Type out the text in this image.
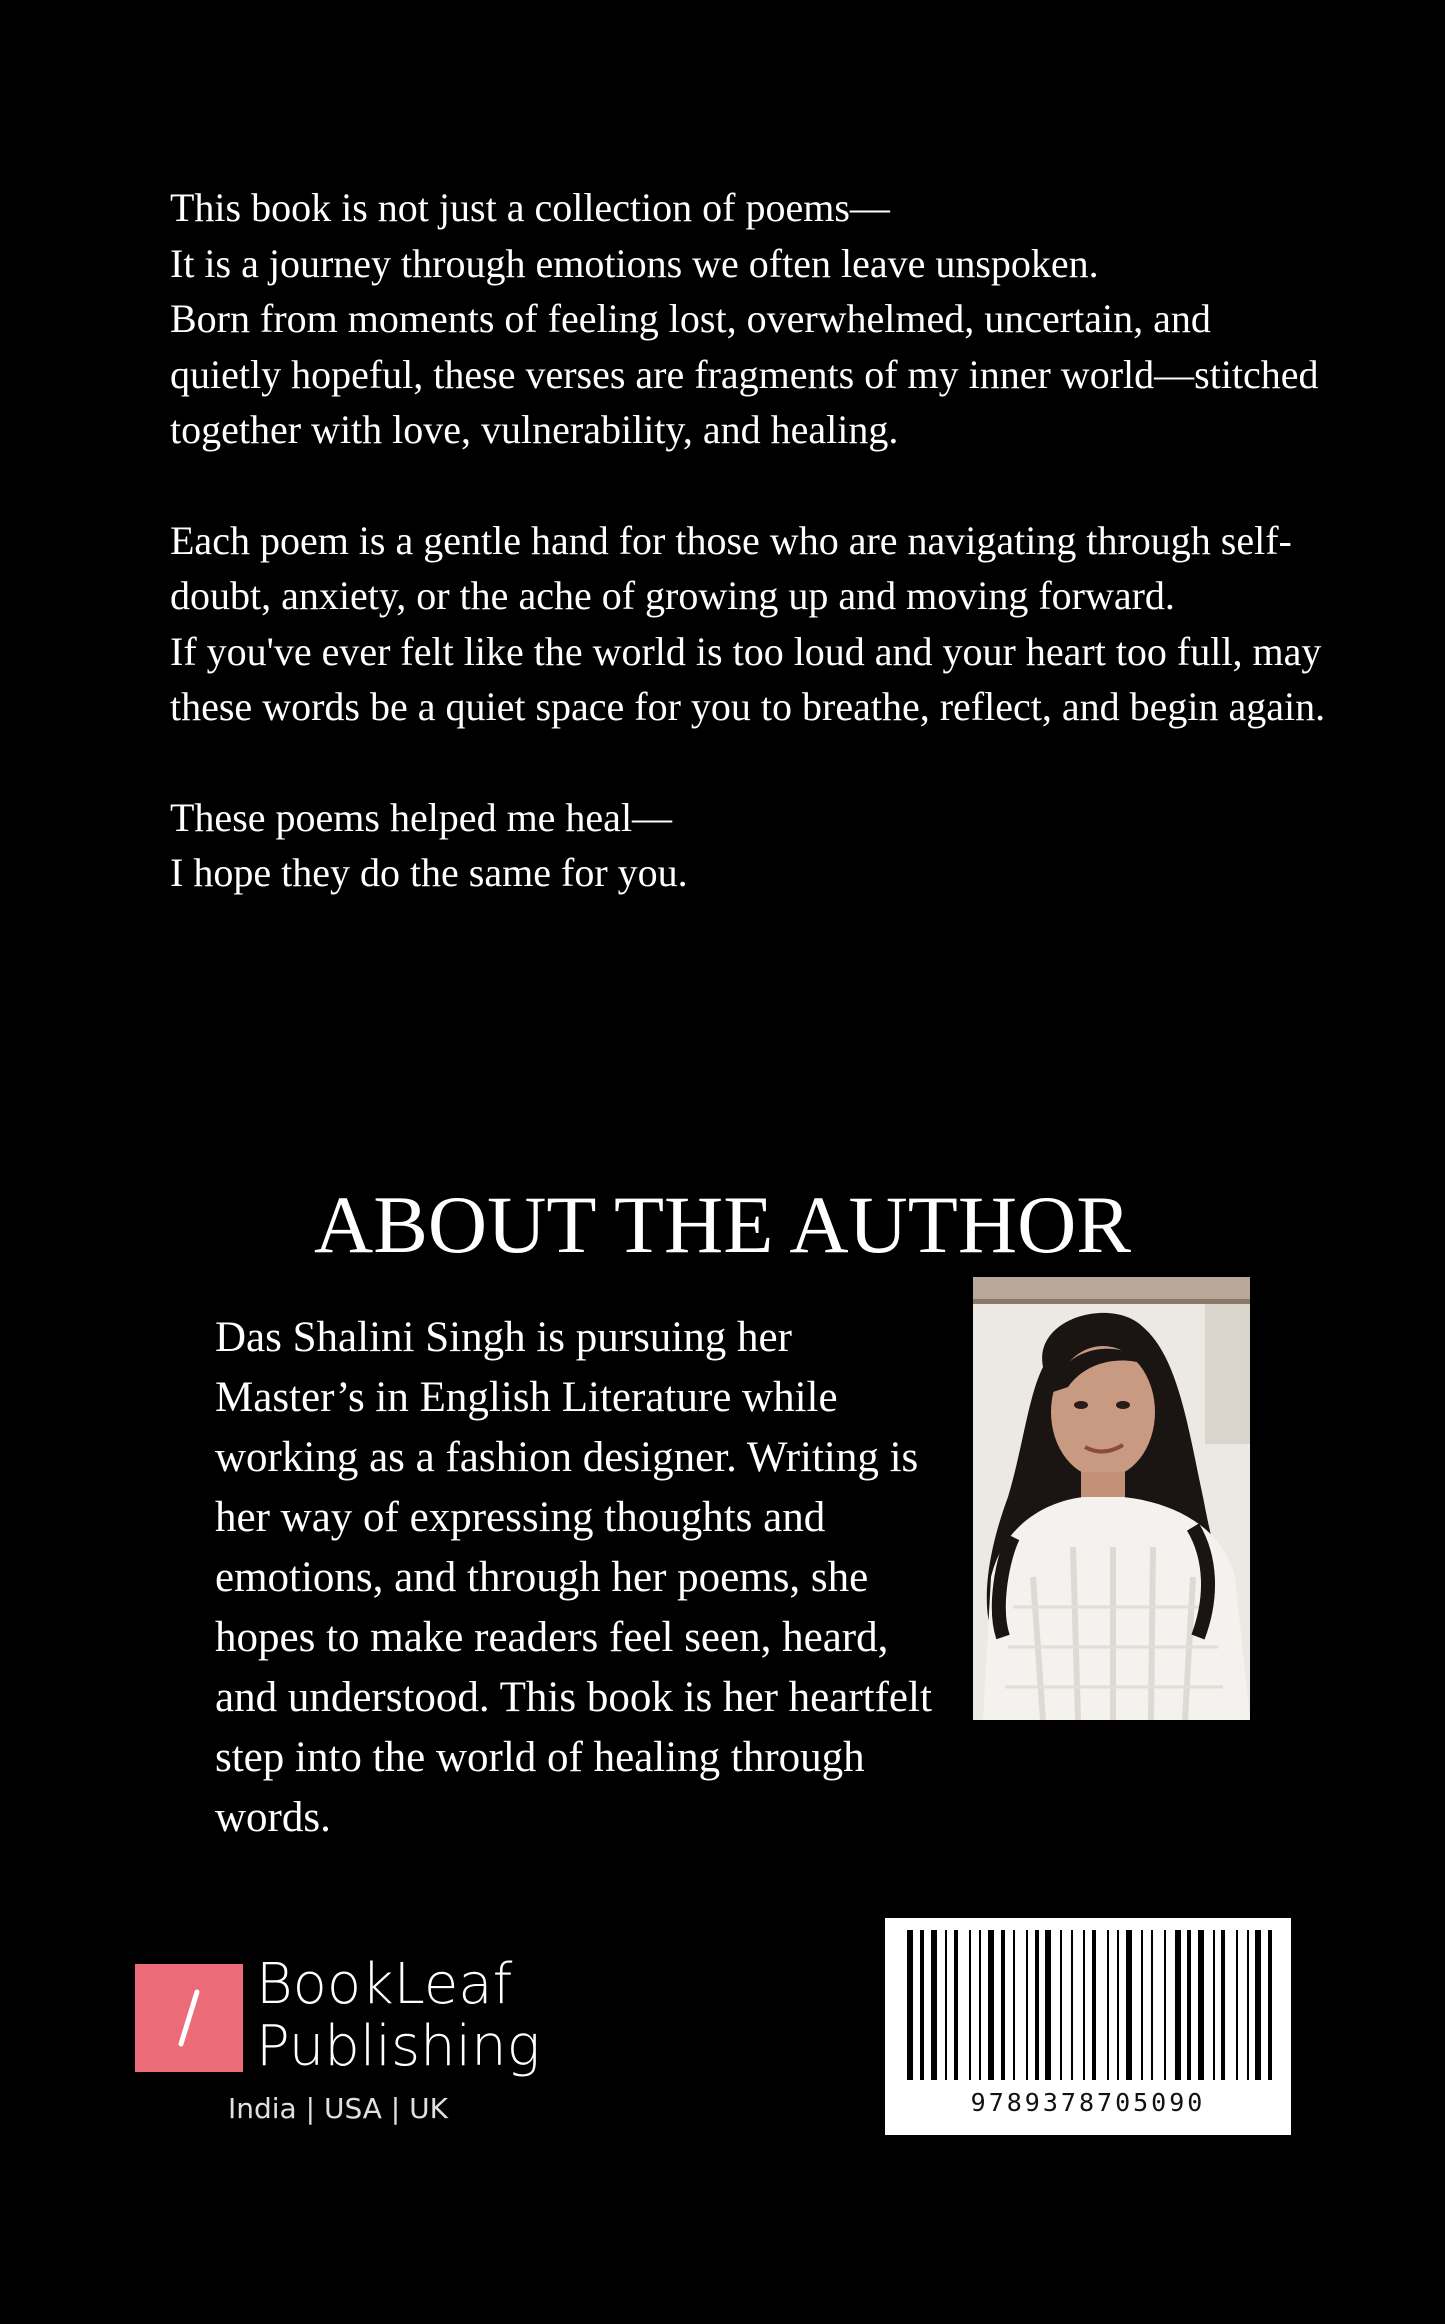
This book is not just a collection of poems—

It is a journey through emotions we often leave unspoken.

Born from moments of feeling lost, overwhelmed, uncertain, and quietly hopeful, these verses are fragments of my inner world—stitched together with love, vulnerability, and healing.

Each poem is a gentle hand for those who are navigating through self-doubt, anxiety, or the ache of growing up and moving forward.

If you've ever felt like the world is too loud and your heart too full, may these words be a quiet space for you to breathe, reflect, and begin again.

These poems helped me heal—

I hope they do the same for you.

ABOUT THE AUTHOR
Das Shalini Singh is pursuing her Master’s in English Literature while working as a fashion designer. Writing is her way of expressing thoughts and emotions, and through her poems, she hopes to make readers feel seen, heard, and understood. This book is her heartfelt step into the world of healing through words.
9789378705090
BookLeaf
Publishing
India | USA | UK
